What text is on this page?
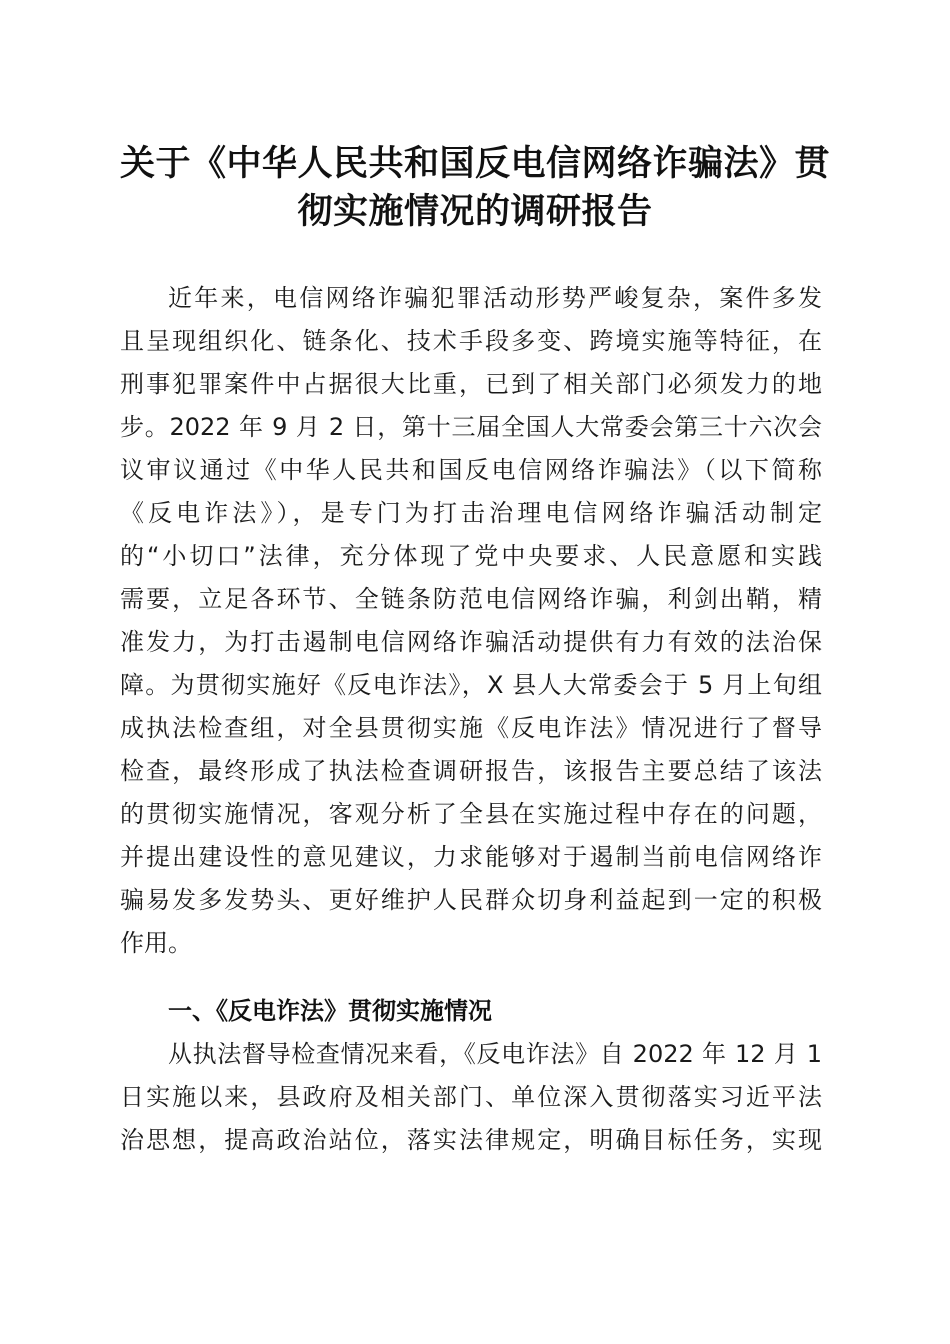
关于《中华人民共和国反电信网络诈骗法》贯
彻实施情况的调研报告

近年来，电信网络诈骗犯罪活动形势严峻复杂，案件多发

且呈现组织化、链条化、技术手段多变、跨境实施等特征，在

刑事犯罪案件中占据很大比重，已到了相关部门必须发力的地

步。2022 年 9 月 2 日，第十三届全国人大常委会第三十六次会

议审议通过《中华人民共和国反电信网络诈骗法》（以下简称

《反电诈法》），是专门为打击治理电信网络诈骗活动制定

的“小切口”法律，充分体现了党中央要求、人民意愿和实践

需要，立足各环节、全链条防范电信网络诈骗，利剑出鞘，精

准发力，为打击遏制电信网络诈骗活动提供有力有效的法治保

障。为贯彻实施好《反电诈法》，X 县人大常委会于 5 月上旬组

成执法检查组，对全县贯彻实施《反电诈法》情况进行了督导

检查，最终形成了执法检查调研报告，该报告主要总结了该法

的贯彻实施情况，客观分析了全县在实施过程中存在的问题，

并提出建设性的意见建议，力求能够对于遏制当前电信网络诈

骗易发多发势头、更好维护人民群众切身利益起到一定的积极

作用。

一、《反电诈法》贯彻实施情况

从执法督导检查情况来看，《反电诈法》自 2022 年 12 月 1

日实施以来，县政府及相关部门、单位深入贯彻落实习近平法

治思想，提高政治站位，落实法律规定，明确目标任务，实现
